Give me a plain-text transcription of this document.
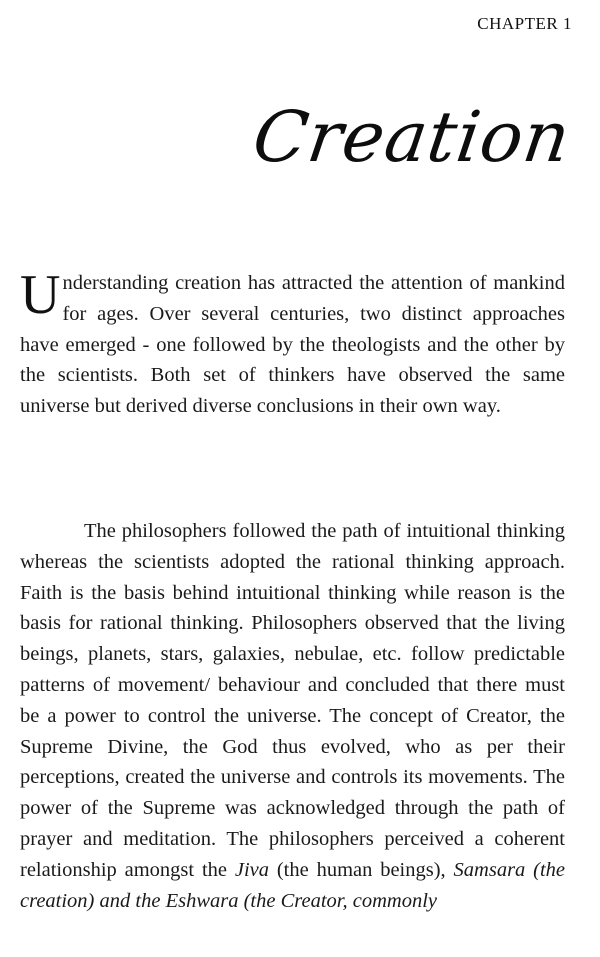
CHAPTER 1
Creation

Understanding creation has attracted the attention of mankind for ages. Over several centuries, two distinct approaches have emerged - one followed by the theologists and the other by the scientists. Both set of thinkers have observed the same universe but derived diverse conclusions in their own way.

The philosophers followed the path of intuitional thinking whereas the scientists adopted the rational thinking approach. Faith is the basis behind intuitional thinking while reason is the basis for rational thinking. Philosophers observed that the living beings, planets, stars, galaxies, nebulae, etc. follow predictable patterns of movement/ behaviour and concluded that there must be a power to control the universe. The concept of Creator, the Supreme Divine, the God thus evolved, who as per their perceptions, created the universe and controls its movements. The power of the Supreme was acknowledged through the path of prayer and meditation. The philosophers perceived a coherent relationship amongst the Jiva (the human beings), Samsara (the creation) and the Eshwara (the Creator, commonly
